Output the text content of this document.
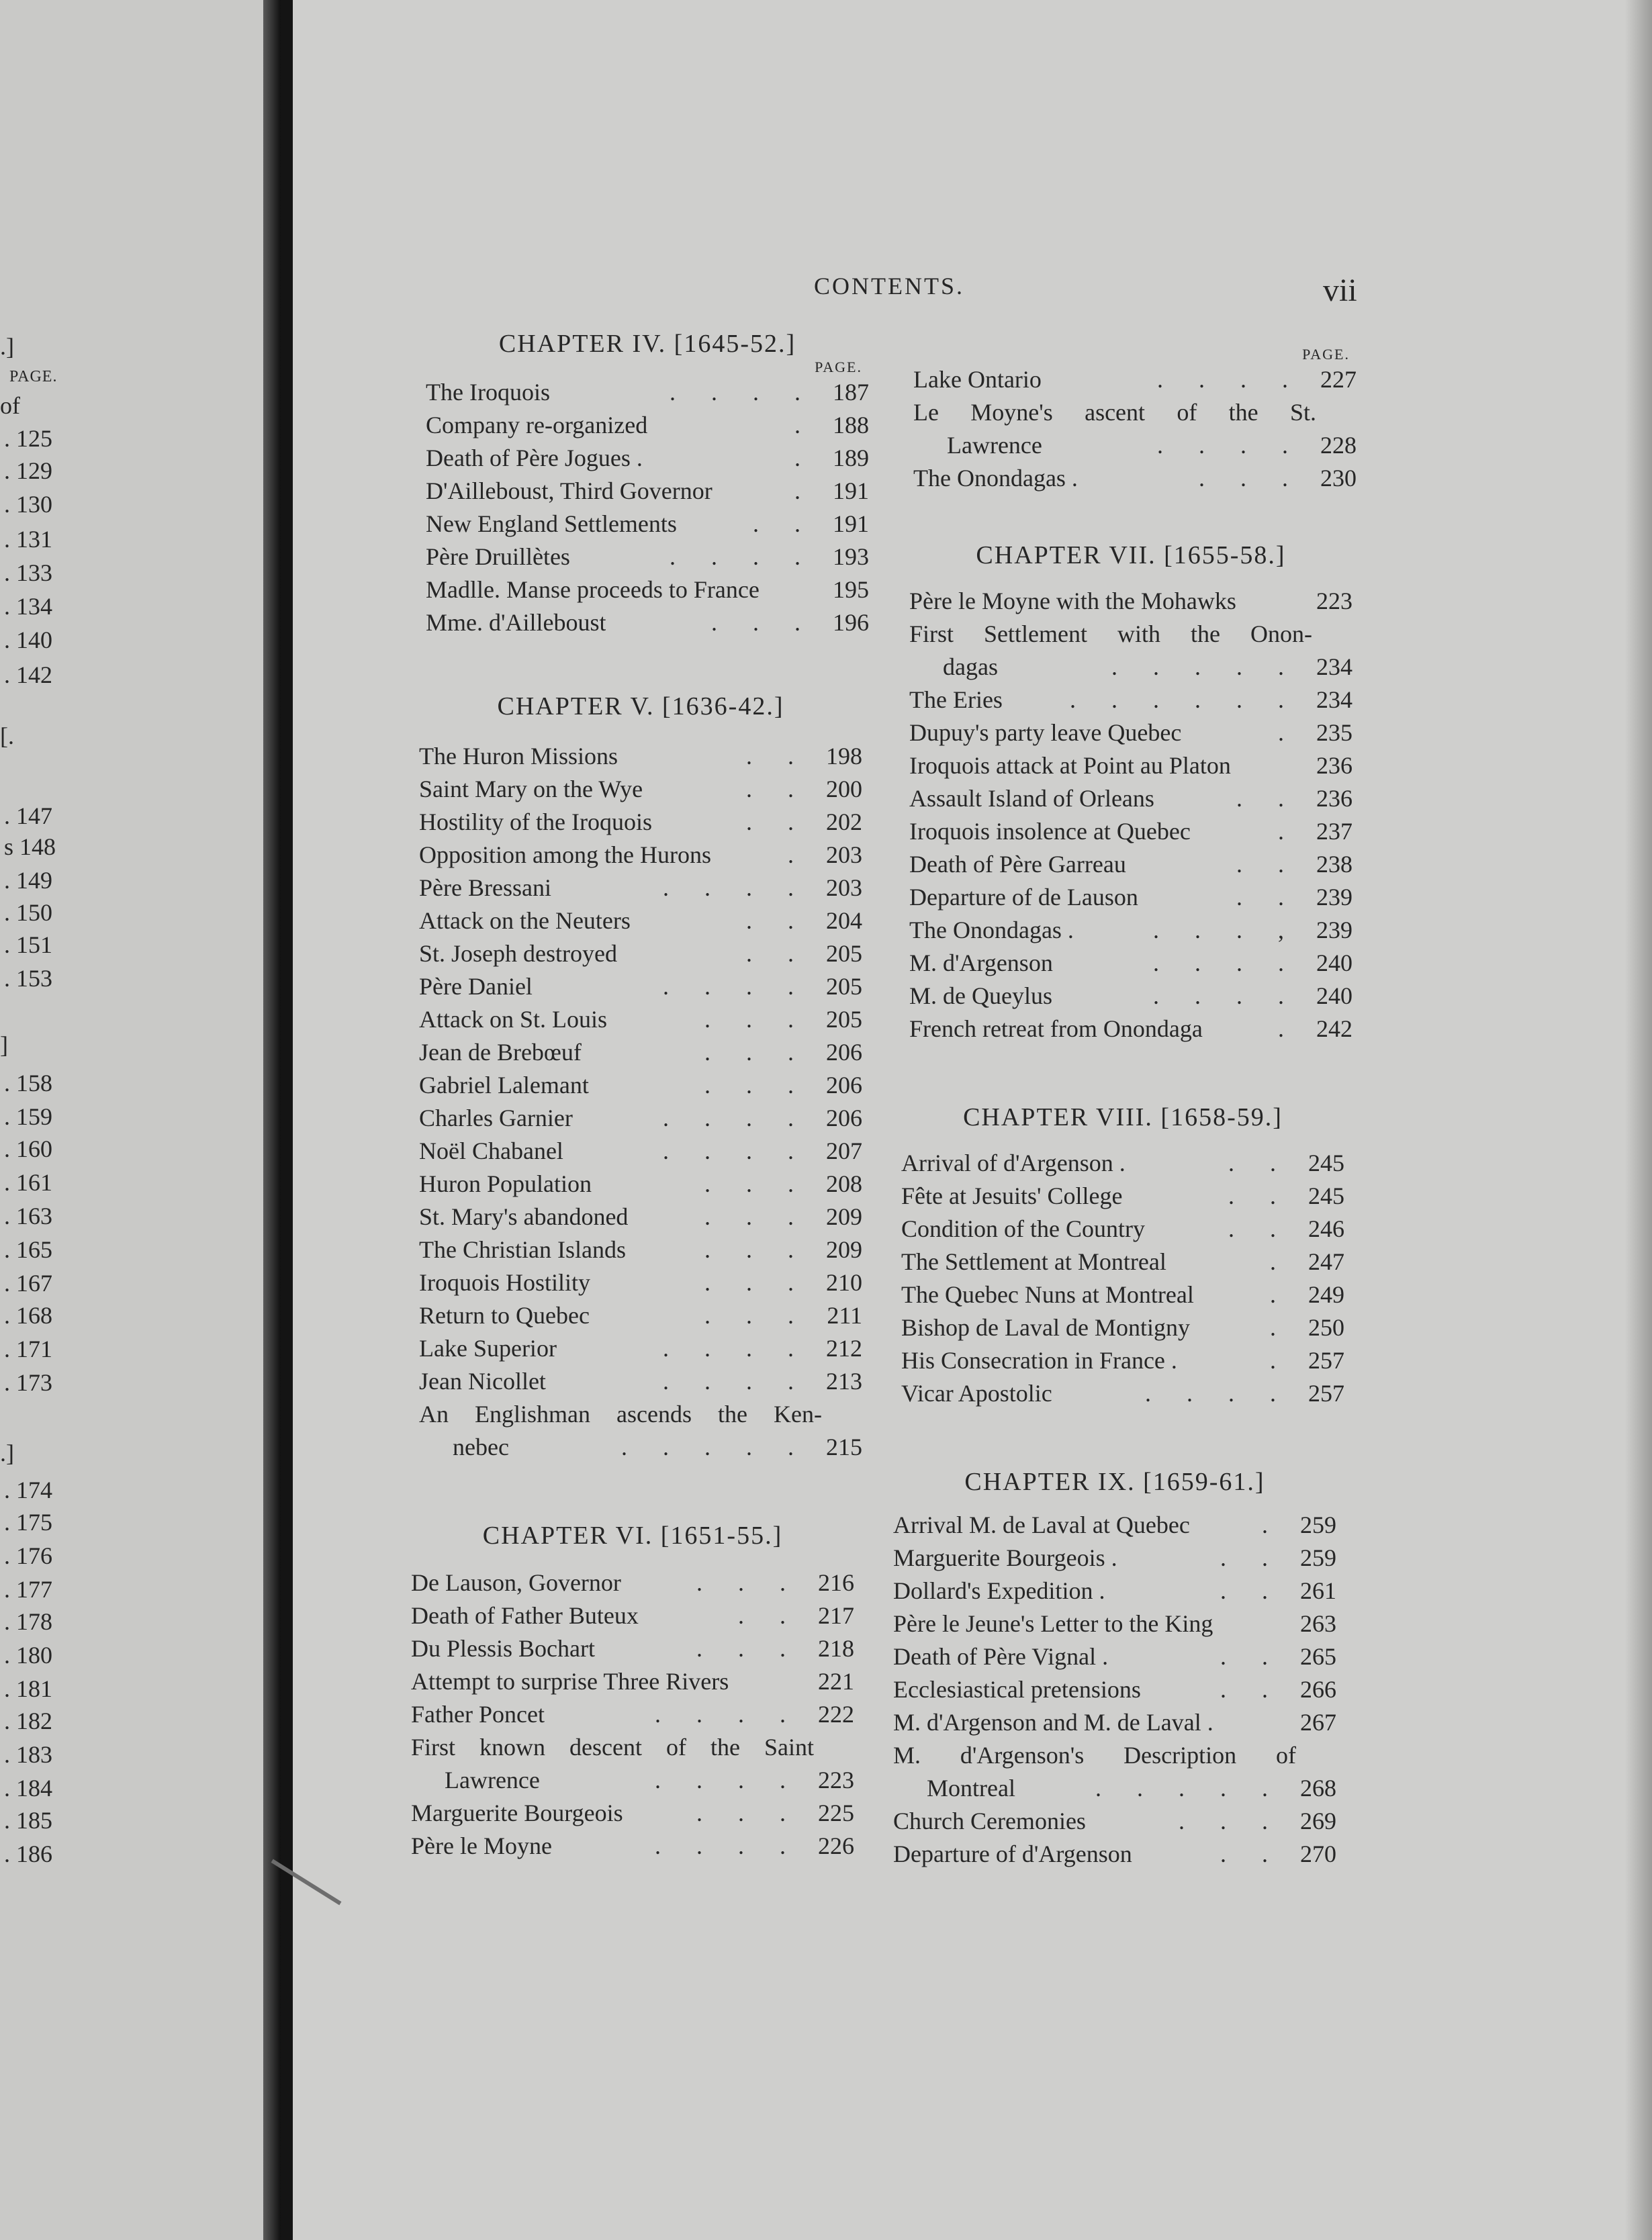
PAGE.
.]
of
[.
]
.]
. 125
. 129
. 130
. 131
. 133
. 134
. 140
. 142
. 147
s 148
. 149
. 150
. 151
. 153
. 158
. 159
. 160
. 161
. 163
. 165
. 167
. 168
. 171
. 173
. 174
. 175
. 176
. 177
. 178
. 180
. 181
. 182
. 183
. 184
. 185
. 186
CONTENTS.	vii
CHAPTER IV. [1645-52.]
PAGE.
The Iroquois	. . . . 187
Company re-organized	. 188
Death of Père Jogues .	. 189
D'Ailleboust, Third Governor	. 191
New England Settlements	. . 191
Père Druillètes	. . . . 193
Madlle. Manse proceeds to France	195
Mme. d'Ailleboust	. . . 196
CHAPTER V. [1636-42.]
The Huron Missions	. . 198
Saint Mary on the Wye	. . 200
Hostility of the Iroquois	. . 202
Opposition among the Hurons	. 203
Père Bressani	. . . . 203
Attack on the Neuters	. . 204
St. Joseph destroyed	. . 205
Père Daniel	. . . . 205
Attack on St. Louis	. . . 205
Jean de Brebœuf	. . . 206
Gabriel Lalemant	. . . 206
Charles Garnier	. . . . 206
Noël Chabanel	. . . . 207
Huron Population	. . . 208
St. Mary's abandoned	. . . 209
The Christian Islands	. . . 209
Iroquois Hostility	. . . 210
Return to Quebec	. . . 211
Lake Superior	. . . . 212
Jean Nicollet	. . . . 213
An Englishman ascends the Ken-
nebec	. . . . . 215
CHAPTER VI. [1651-55.]
De Lauson, Governor	. . . 216
Death of Father Buteux	. . 217
Du Plessis Bochart	. . . 218
Attempt to surprise Three Rivers	221
Father Poncet	. . . . 222
First known descent of the Saint
Lawrence	. . . . 223
Marguerite Bourgeois	. . . 225
Père le Moyne	. . . . 226
PAGE.
Lake Ontario	. . . . 227
Le Moyne's ascent of the St.
Lawrence	. . . . 228
The Onondagas .	. . . 230
CHAPTER VII. [1655-58.]
Père le Moyne with the Mohawks	223
First Settlement with the Onon-
dagas	. . . . . 234
The Eries	. . . . . . 234
Dupuy's party leave Quebec	. 235
Iroquois attack at Point au Platon	236
Assault Island of Orleans	. . 236
Iroquois insolence at Quebec	. 237
Death of Père Garreau	. . 238
Departure of de Lauson	. . 239
The Onondagas .	. . . , 239
M. d'Argenson	. . . . 240
M. de Queylus	. . . . 240
French retreat from Onondaga	. 242
CHAPTER VIII. [1658-59.]
Arrival of d'Argenson .	. . 245
Fête at Jesuits' College	. . 245
Condition of the Country	. . 246
The Settlement at Montreal	. 247
The Quebec Nuns at Montreal	. 249
Bishop de Laval de Montigny	. 250
His Consecration in France .	. 257
Vicar Apostolic	. . . . 257
CHAPTER IX. [1659-61.]
Arrival M. de Laval at Quebec	. 259
Marguerite Bourgeois .	. . 259
Dollard's Expedition .	. . 261
Père le Jeune's Letter to the King	263
Death of Père Vignal .	. . 265
Ecclesiastical pretensions	. . 266
M. d'Argenson and M. de Laval .	267
M. d'Argenson's Description of
Montreal	. . . . . 268
Church Ceremonies	. . . 269
Departure of d'Argenson	. . 270
